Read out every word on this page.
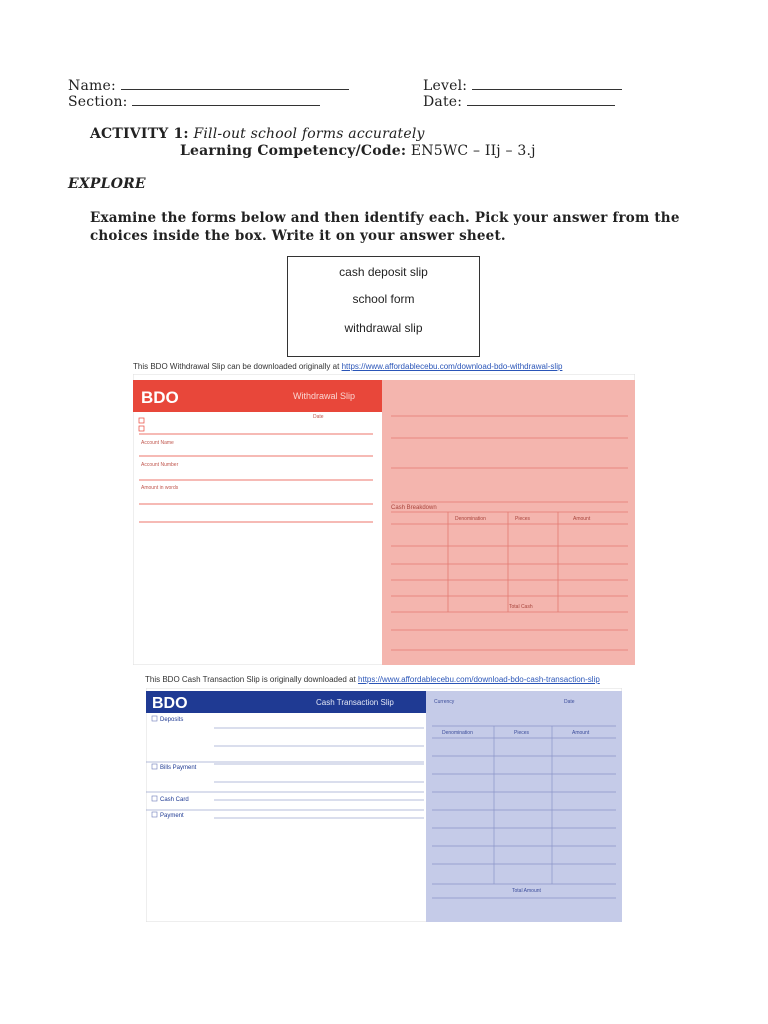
Name:	Level:
Section:	Date:
ACTIVITY 1: Fill-out school forms accurately
Learning Competency/Code: EN5WC – IIj – 3.j
EXPLORE
Examine the forms below and then identify each. Pick your answer from the
choices inside the box. Write it on your answer sheet.
cash deposit slip
school form
withdrawal slip
This BDO Withdrawal Slip can be downloaded originally at https://www.affordablecebu.com/download-bdo-withdrawal-slip
BDO	Withdrawal Slip
Cash Breakdown
Denomination	Pieces	Amount
Total Cash
Account Name
Account Number
Amount in words
Date
This BDO Cash Transaction Slip is originally downloaded at https://www.affordablecebu.com/download-bdo-cash-transaction-slip
BDO	Cash Transaction Slip	Currency	Date
Denomination	Pieces	Amount
Total Amount
Deposits
Bills Payment
Cash Card
Payment
